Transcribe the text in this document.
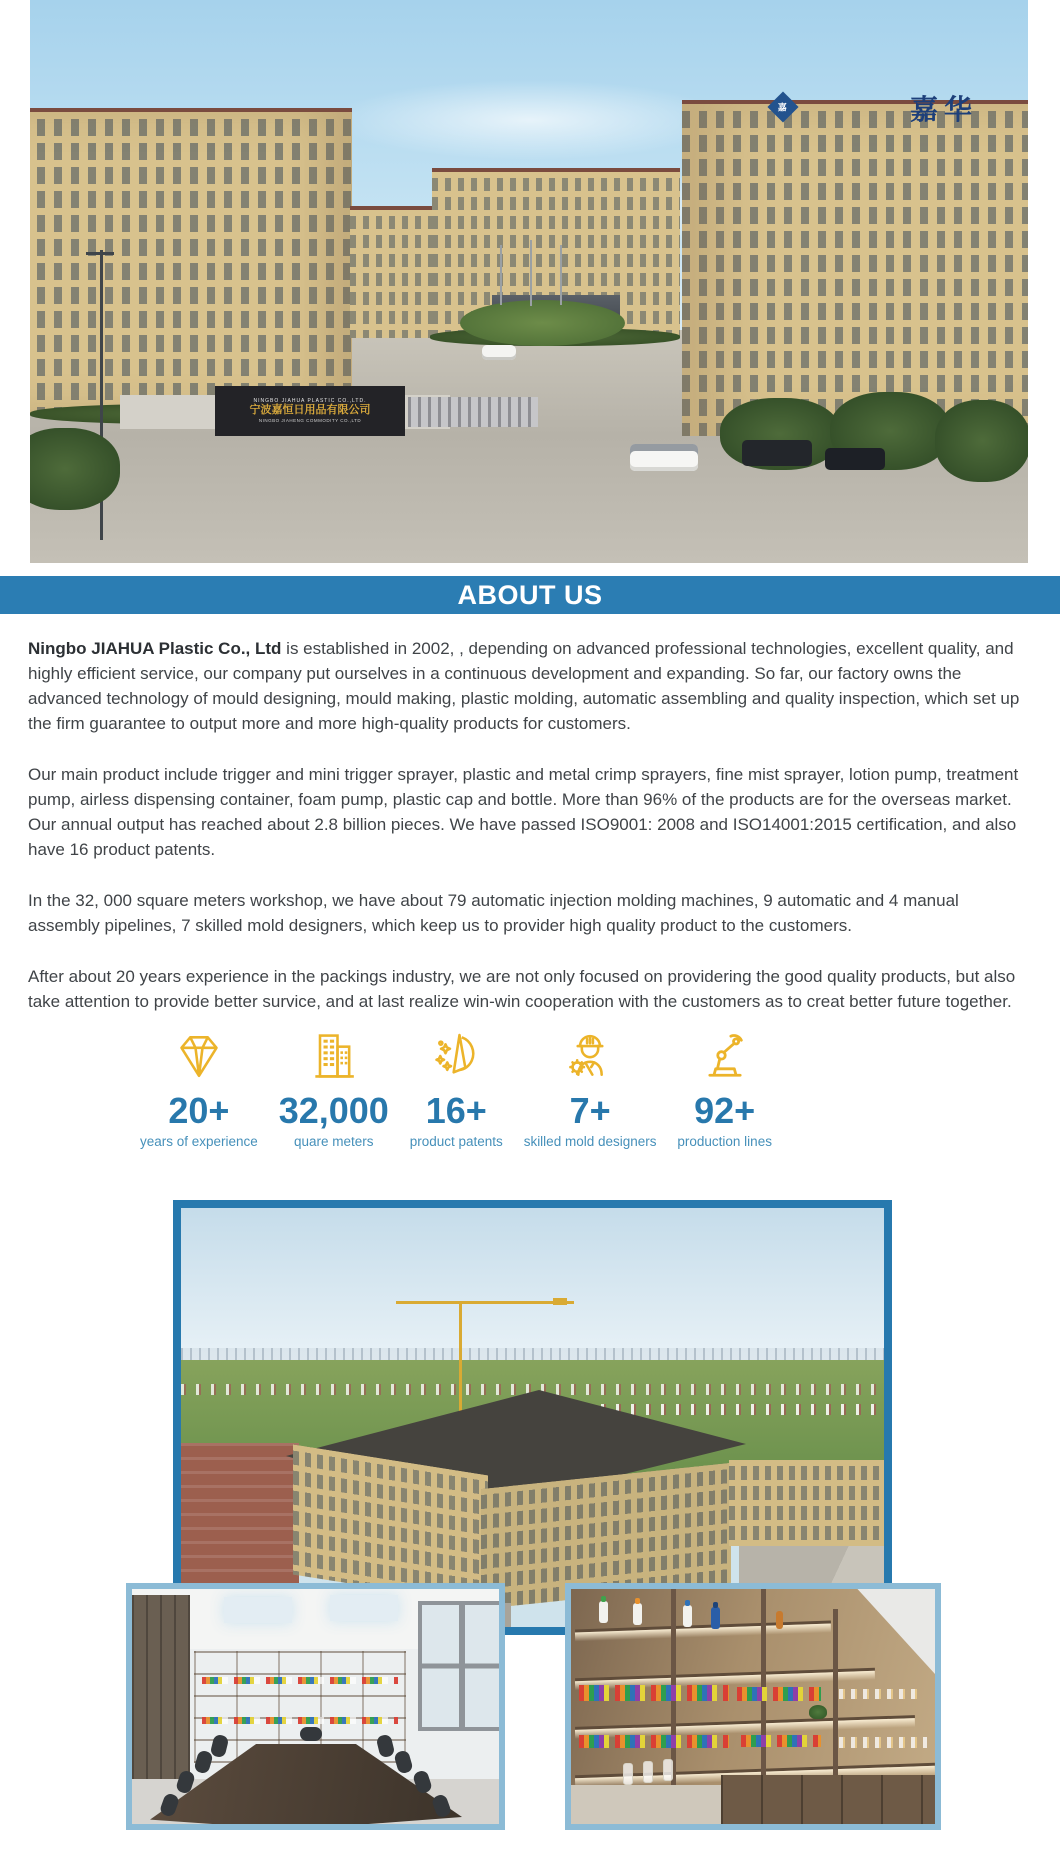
嘉	嘉华
NINGBO JIAHUA PLASTIC CO.,LTD.
宁波嘉恒日用品有限公司
NINGBO JIAHENG COMMODITY CO.,LTD
ABOUT US

Ningbo JIAHUA Plastic Co., Ltd is established in 2002, , depending on advanced professional technologies, excellent quality, and highly efficient service, our company put ourselves in a continuous development and expanding. So far, our factory owns the advanced technology of mould designing, mould making, plastic molding, automatic assembling and quality inspection, which set up the firm guarantee to output more and more high-quality products for customers.

Our main product include trigger and mini trigger sprayer, plastic and metal crimp sprayers, fine mist sprayer, lotion pump, treatment pump, airless dispensing container, foam pump, plastic cap and bottle. More than 96% of the products are for the overseas market. Our annual output has reached about 2.8 billion pieces. We have passed ISO9001: 2008 and ISO14001:2015 certification, and also have 16 product patents.

In the 32, 000 square meters workshop, we have about 79 automatic injection molding machines, 9 automatic and 4 manual assembly pipelines, 7 skilled mold designers, which keep us to provider high quality product to the customers.

After about 20 years experience in the packings industry, we are not only focused on providering the good quality products, but also take attention to provide better survice, and at last realize win-win cooperation with the customers as to creat better future together.

20+
years of experience
32,000
quare meters
16+
product patents
7+
skilled mold designers
92+
production lines
